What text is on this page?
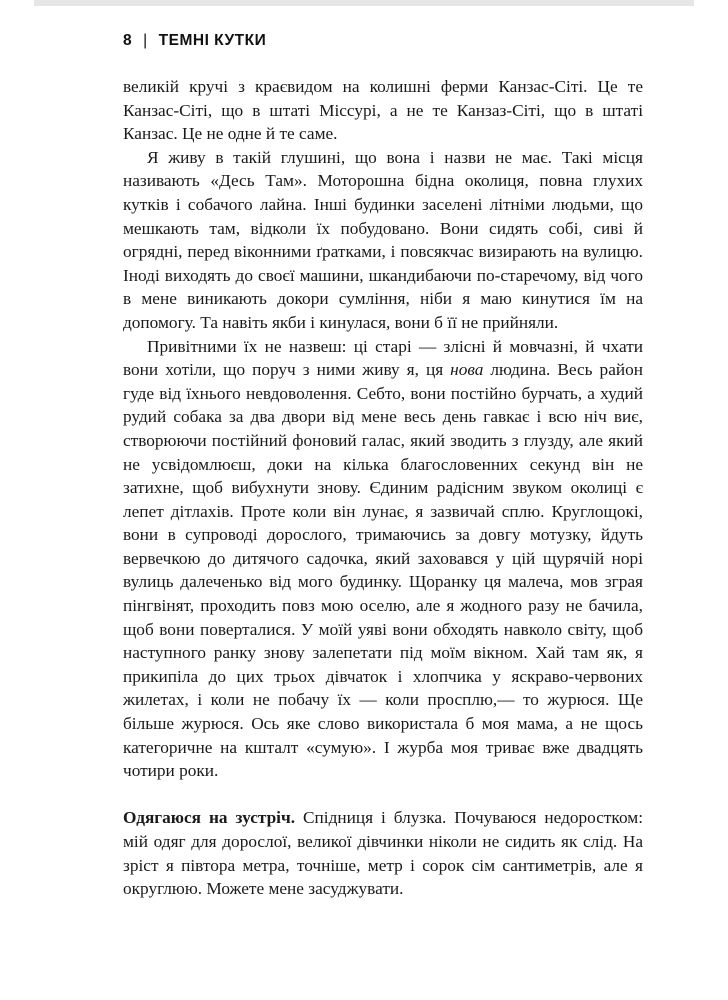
8 | ТЕМНІ КУТКИ

великій кручі з краєвидом на колишні ферми Канзас-Сіті. Це те Канзас-Сіті, що в штаті Міссурі, а не те Канзаз-Сіті, що в штаті Канзас. Це не одне й те саме.

Я живу в такій глушині, що вона і назви не має. Такі місця називають «Десь Там». Моторошна бідна околиця, повна глухих кутків і собачого лайна. Інші будинки заселені літніми людьми, що мешкають там, відколи їх побудовано. Вони сидять собі, сиві й огрядні, перед віконними ґратками, і повсякчас визирають на вулицю. Іноді виходять до своєї машини, шкандибаючи по-старечому, від чого в мене виникають докори сумління, ніби я маю кинутися їм на допомогу. Та навіть якби і кинулася, вони б її не прийняли.

Привітними їх не назвеш: ці старі — злісні й мовчазні, й чхати вони хотіли, що поруч з ними живу я, ця нова людина. Весь район гуде від їхнього невдоволення. Себто, вони постійно бурчать, а худий рудий собака за два двори від мене весь день гавкає і всю ніч виє, створюючи постійний фоновий галас, який зводить з глузду, але який не усвідомлюєш, доки на кілька благословенних секунд він не затихне, щоб вибухнути знову. Єдиним радісним звуком околиці є лепет дітлахів. Проте коли він лунає, я зазвичай сплю. Круглощокі, вони в супроводі дорослого, тримаючись за довгу мотузку, йдуть вервечкою до дитячого садочка, який заховався у цій щурячій норі вулиць далеченько від мого будинку. Щоранку ця малеча, мов зграя пінгвінят, проходить повз мою оселю, але я жодного разу не бачила, щоб вони поверталися. У моїй уяві вони обходять навколо світу, щоб наступного ранку знову залепетати під моїм вікном. Хай там як, я прикипіла до цих трьох дівчаток і хлопчика у яскраво-червоних жилетах, і коли не побачу їх — коли просплю,— то журюся. Ще більше журюся. Ось яке слово використала б моя мама, а не щось категоричне на кшталт «сумую». І журба моя триває вже двадцять чотири роки.

Одягаюся на зустріч. Спідниця і блузка. Почуваюся недоростком: мій одяг для дорослої, великої дівчинки ніколи не сидить як слід. На зріст я півтора метра, точніше, метр і сорок сім сантиметрів, але я округлюю. Можете мене засуджувати.
